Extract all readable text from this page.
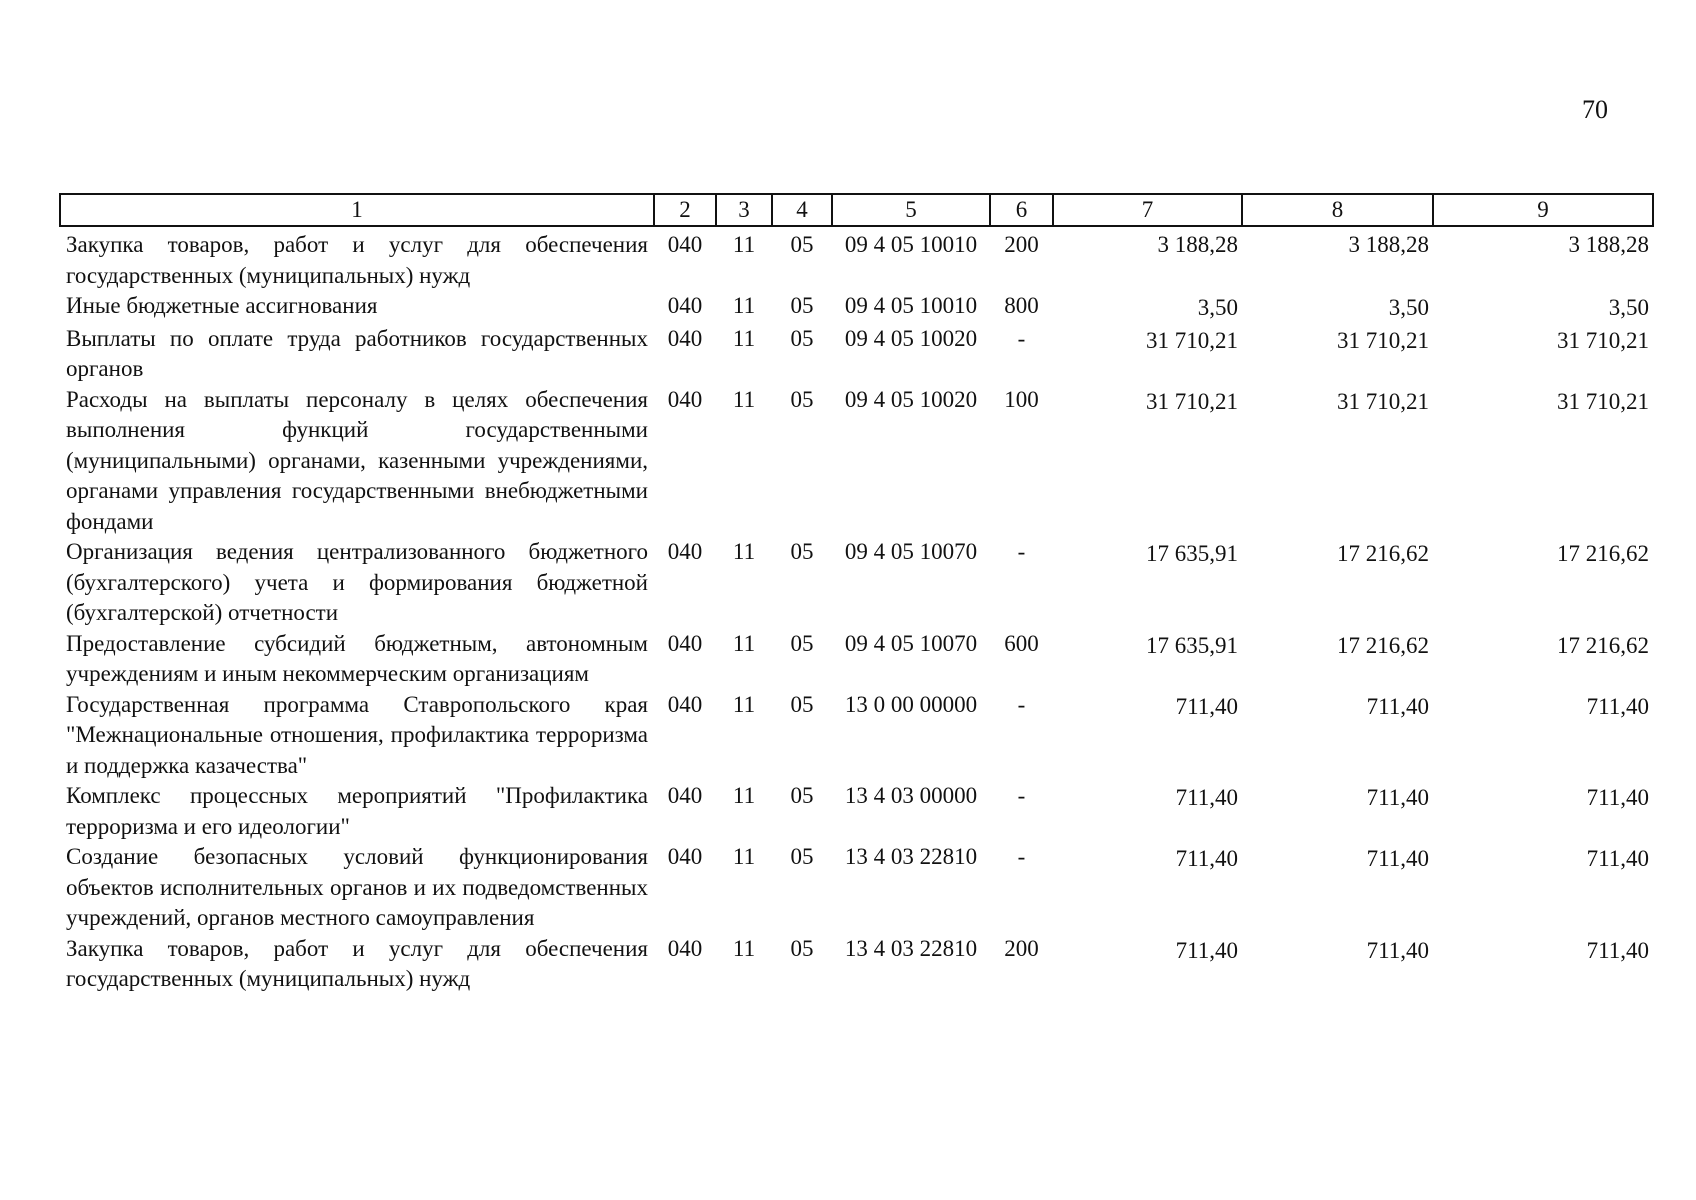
70
1	2	3	4	5	6	7	8	9
Закупка товаров, работ и услуг для обеспечения государственных (муниципальных) нужд	040	11	05	09 4 05 10010	200	3 188,28	3 188,28	3 188,28
Иные бюджетные ассигнования	040	11	05	09 4 05 10010	800	3,50	3,50	3,50
Выплаты по оплате труда работников государственных органов	040	11	05	09 4 05 10020	-	31 710,21	31 710,21	31 710,21
Расходы на выплаты персоналу в целях обеспечения выполнения функций государственными (муниципальными) органами, казенными учреждениями, органами управления государственными внебюджетными фондами	040	11	05	09 4 05 10020	100	31 710,21	31 710,21	31 710,21
Организация ведения централизованного бюджетного (бухгалтерского) учета и формирования бюджетной (бухгалтерской) отчетности	040	11	05	09 4 05 10070	-	17 635,91	17 216,62	17 216,62
Предоставление субсидий бюджетным, автономным учреждениям и иным некоммерческим организациям	040	11	05	09 4 05 10070	600	17 635,91	17 216,62	17 216,62
Государственная программа Ставропольского края "Межнациональные отношения, профилактика терроризма и поддержка казачества"	040	11	05	13 0 00 00000	-	711,40	711,40	711,40
Комплекс процессных мероприятий "Профилактика терроризма и его идеологии"	040	11	05	13 4 03 00000	-	711,40	711,40	711,40
Создание безопасных условий функционирования объектов исполнительных органов и их подведомственных учреждений, органов местного самоуправления	040	11	05	13 4 03 22810	-	711,40	711,40	711,40
Закупка товаров, работ и услуг для обеспечения государственных (муниципальных) нужд	040	11	05	13 4 03 22810	200	711,40	711,40	711,40
